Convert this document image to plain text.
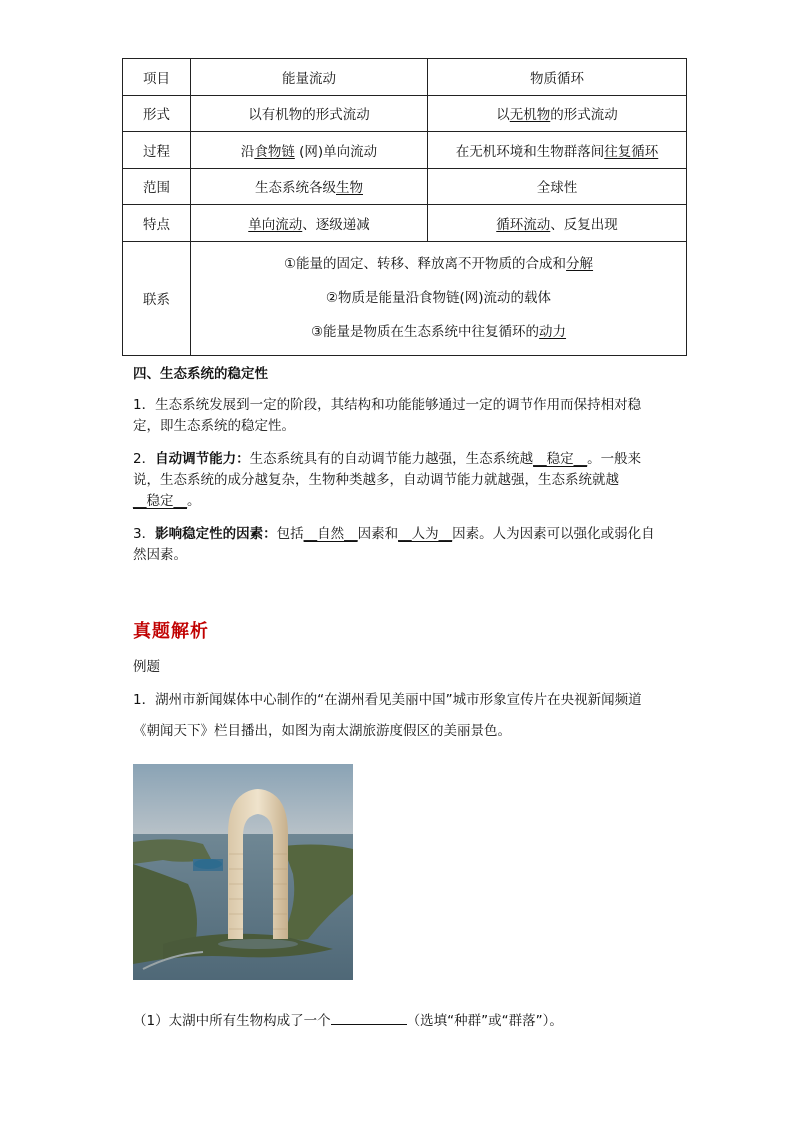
项目	能量流动	物质循环
形式	以有机物的形式流动	以无机物的形式流动
过程	沿食物链 (网)单向流动	在无机环境和生物群落间往复循环
范围	生态系统各级生物	全球性
特点	单向流动、逐级递减	循环流动、反复出现
联系	①能量的固定、转移、释放离不开物质的合成和分解
②物质是能量沿食物链(网)流动的载体
③能量是物质在生态系统中往复循环的动力	
四、生态系统的稳定性
1．生态系统发展到一定的阶段，其结构和功能能够通过一定的调节作用而保持相对稳定，即生态系统的稳定性。
2．自动调节能力：生态系统具有的自动调节能力越强，生态系统越__稳定__。一般来说，生态系统的成分越复杂，生物种类越多，自动调节能力就越强，生态系统就越__稳定__。
3．影响稳定性的因素：包括__自然__因素和__人为__因素。人为因素可以强化或弱化自然因素。
真题解析
例题
1．湖州市新闻媒体中心制作的“在湖州看见美丽中国”城市形象宣传片在央视新闻频道
《朝闻天下》栏目播出，如图为南太湖旅游度假区的美丽景色。
（1）太湖中所有生物构成了一个	（选填“种群”或“群落”）。
